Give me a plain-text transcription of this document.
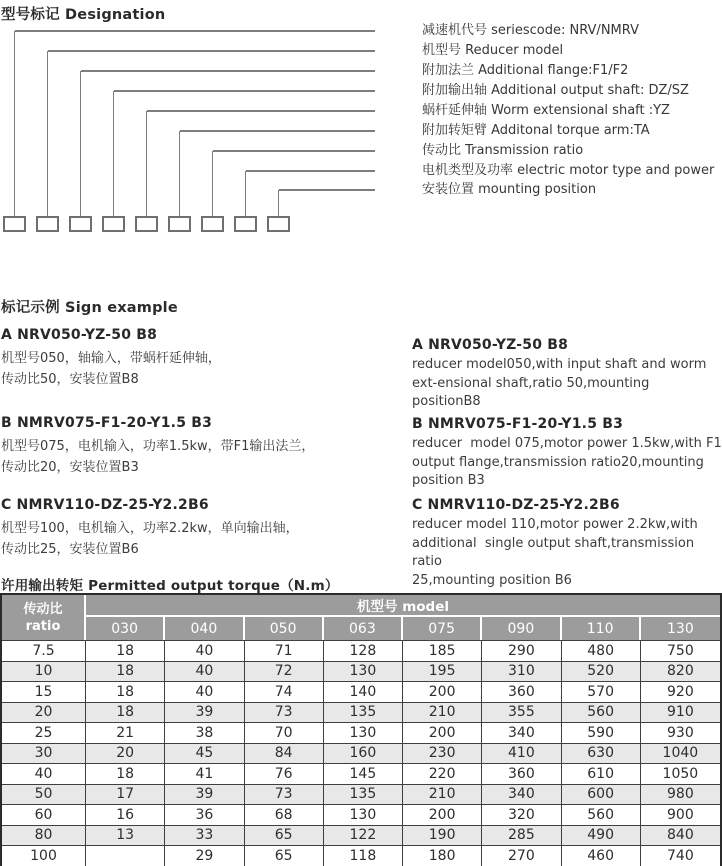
型号标记 Designation
减速机代号 seriescode: NRV/NMRV
机型号 Reducer model
附加法兰 Additional flange:F1/F2
附加输出轴 Additional output shaft: DZ/SZ
蜗杆延伸轴 Worm extensional shaft :YZ
附加转矩臂 Additonal torque arm:TA
传动比 Transmission ratio
电机类型及功率 electric motor type and power
安装位置 mounting position
标记示例 Sign example
A NRV050-YZ-50 B8
机型号050，轴输入，带蜗杆延伸轴，
传动比50，安装位置B8
B NMRV075-F1-20-Y1.5 B3
机型号075，电机输入，功率1.5kw，带F1输出法兰，
传动比20，安装位置B3
C NMRV110-DZ-25-Y2.2B6
机型号100，电机输入，功率2.2kw，单向输出轴，
传动比25，安装位置B6
A NRV050-YZ-50 B8
reducer model050,with input shaft and worm
ext-ensional shaft,ratio 50,mounting positionB8
B NMRV075-F1-20-Y1.5 B3
reducer  model 075,motor power 1.5kw,with F1
output flange,transmission ratio20,mounting
position B3
C NMRV110-DZ-25-Y2.2B6
reducer model 110,motor power 2.2kw,with
additional  single output shaft,transmission ratio
25,mounting position B6
许用输出转矩 Permitted output torque（N.m）
传动比
ratio	机型号 model							
	030	040	050	063	075	090	110	130
7.5	18	40	71	128	185	290	480	750
10	18	40	72	130	195	310	520	820
15	18	40	74	140	200	360	570	920
20	18	39	73	135	210	355	560	910
25	21	38	70	130	200	340	590	930
30	20	45	84	160	230	410	630	1040
40	18	41	76	145	220	360	610	1050
50	17	39	73	135	210	340	600	980
60	16	36	68	130	200	320	560	900
80	13	33	65	122	190	285	490	840
100		29	65	118	180	270	460	740
